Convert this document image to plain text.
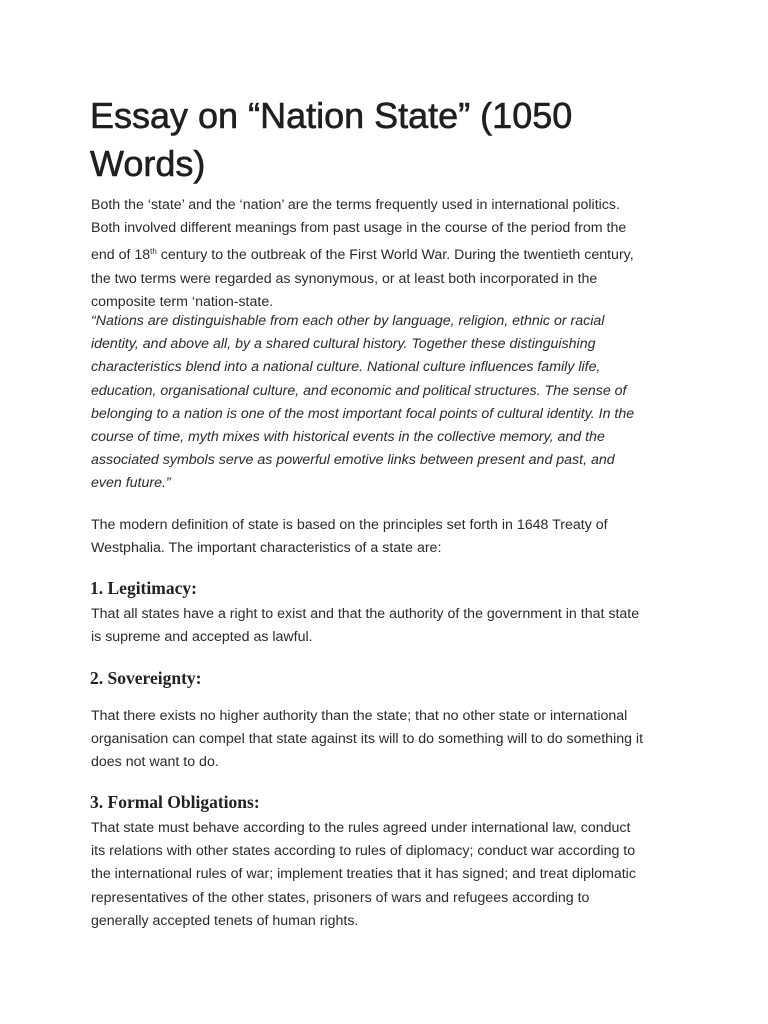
Essay on “Nation State” (1050 Words)
Both the ‘state’ and the ‘nation’ are the terms frequently used in international politics.
Both involved different meanings from past usage in the course of the period from the
end of 18th century to the outbreak of the First World War. During the twentieth century,
the two terms were regarded as synonymous, or at least both incorporated in the
composite term ‘nation-state.
“Nations are distinguishable from each other by language, religion, ethnic or racial
identity, and above all, by a shared cultural history. Together these distinguishing
characteristics blend into a national culture. National culture influences family life,
education, organisational culture, and economic and political structures. The sense of
belonging to a nation is one of the most important focal points of cultural identity. In the
course of time, myth mixes with historical events in the collective memory, and the
associated symbols serve as powerful emotive links between present and past, and
even future.”
The modern definition of state is based on the principles set forth in 1648 Treaty of
Westphalia. The important characteristics of a state are:
1. Legitimacy:
That all states have a right to exist and that the authority of the government in that state
is supreme and accepted as lawful.
2. Sovereignty:
That there exists no higher authority than the state; that no other state or international
organisation can compel that state against its will to do something will to do something it
does not want to do.
3. Formal Obligations:
That state must behave according to the rules agreed under international law, conduct
its relations with other states according to rules of diplomacy; conduct war according to
the international rules of war; implement treaties that it has signed; and treat diplomatic
representatives of the other states, prisoners of wars and refugees according to
generally accepted tenets of human rights.
